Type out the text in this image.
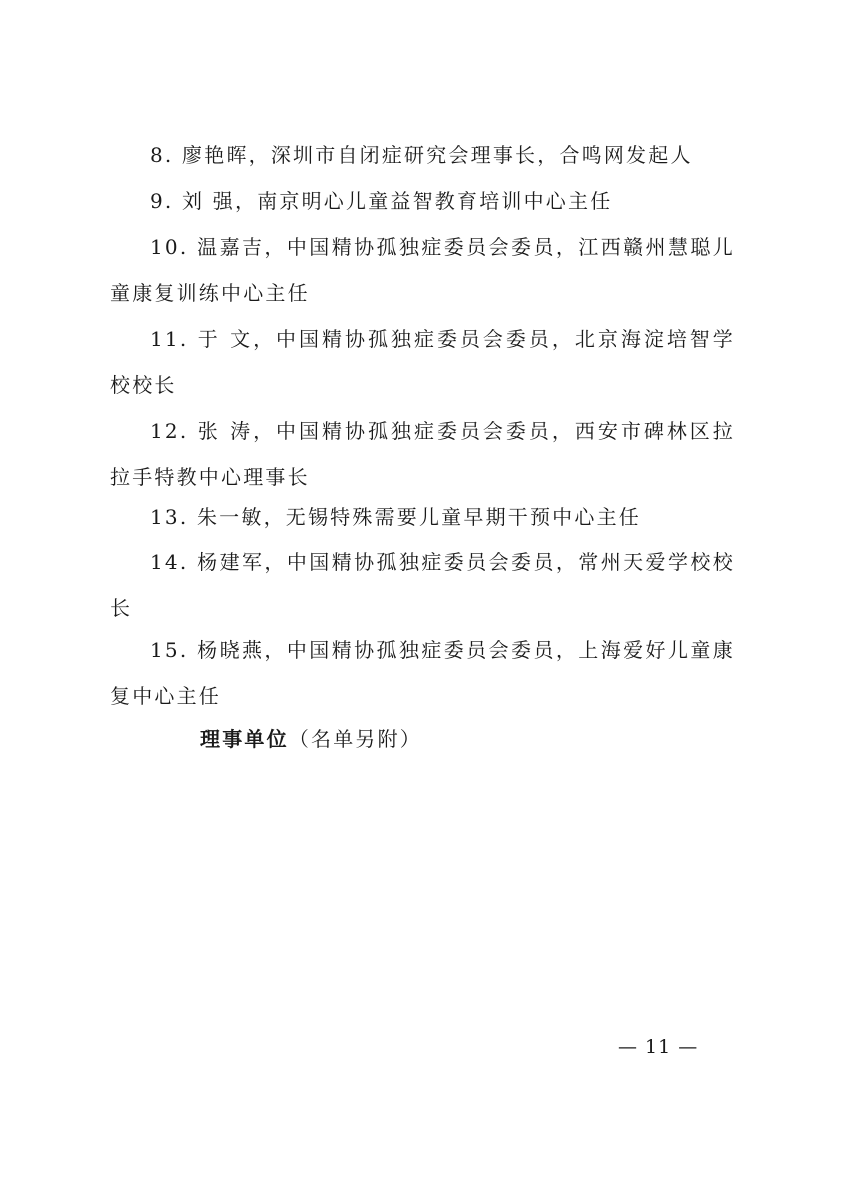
8. 廖艳晖，深圳市自闭症研究会理事长，合鸣网发起人

9. 刘 强，南京明心儿童益智教育培训中心主任

10. 温嘉吉，中国精协孤独症委员会委员，江西赣州慧聪儿童康复训练中心主任

11. 于 文，中国精协孤独症委员会委员，北京海淀培智学校校长

12. 张 涛，中国精协孤独症委员会委员，西安市碑林区拉拉手特教中心理事长

13. 朱一敏，无锡特殊需要儿童早期干预中心主任

14. 杨建军，中国精协孤独症委员会委员，常州天爱学校校长

15. 杨晓燕，中国精协孤独症委员会委员，上海爱好儿童康复中心主任

理事单位（名单另附）

— 11 —
